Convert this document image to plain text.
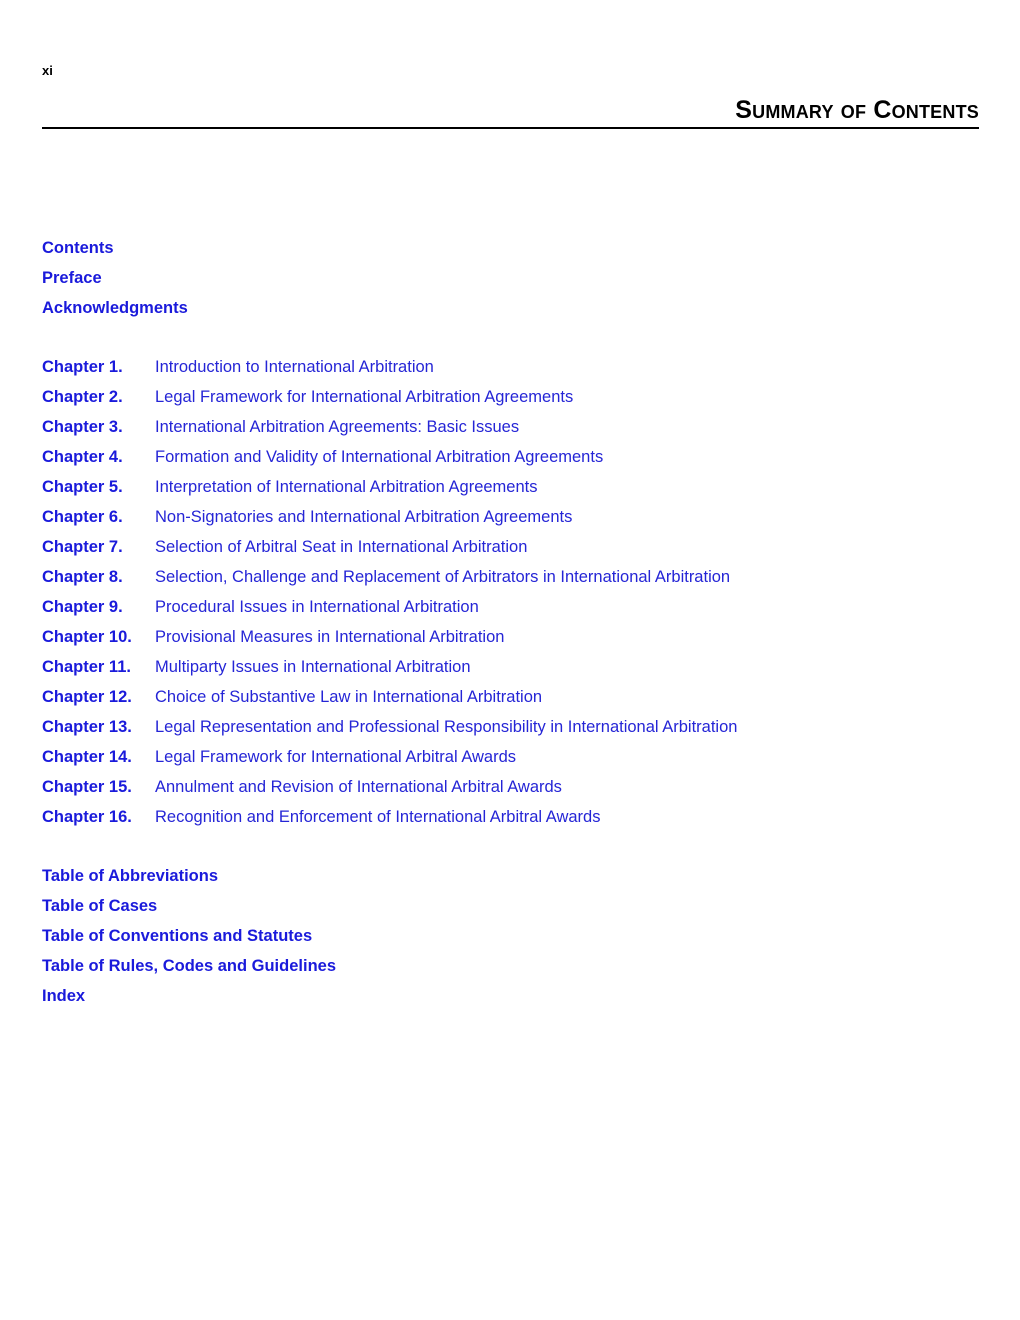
xi
Summary of Contents
Contents
Preface
Acknowledgments
Chapter 1.	Introduction to International Arbitration
Chapter 2.	Legal Framework for International Arbitration Agreements
Chapter 3.	International Arbitration Agreements: Basic Issues
Chapter 4.	Formation and Validity of International Arbitration Agreements
Chapter 5.	Interpretation of International Arbitration Agreements
Chapter 6.	Non-Signatories and International Arbitration Agreements
Chapter 7.	Selection of Arbitral Seat in International Arbitration
Chapter 8.	Selection, Challenge and Replacement of Arbitrators in International Arbitration
Chapter 9.	Procedural Issues in International Arbitration
Chapter 10.	Provisional Measures in International Arbitration
Chapter 11.	Multiparty Issues in International Arbitration
Chapter 12.	Choice of Substantive Law in International Arbitration
Chapter 13.	Legal Representation and Professional Responsibility in International Arbitration
Chapter 14.	Legal Framework for International Arbitral Awards
Chapter 15.	Annulment and Revision of International Arbitral Awards
Chapter 16.	Recognition and Enforcement of International Arbitral Awards
Table of Abbreviations
Table of Cases
Table of Conventions and Statutes
Table of Rules, Codes and Guidelines
Index
